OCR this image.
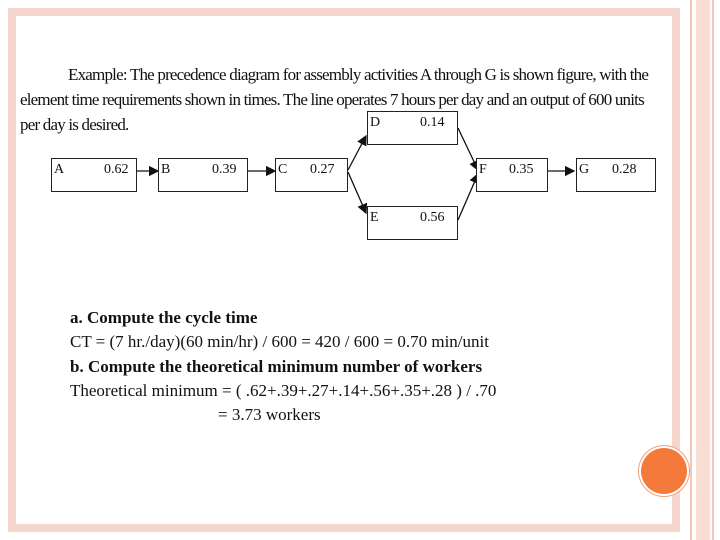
Example: The precedence diagram for assembly activities A through G is shown figure, with the
element time requirements shown in times. The line operates 7 hours per day and an output of 600 units
per day is desired.
A	0.62 B	0.39	C 0.27
D	0.14
E	0.56
F 0.35	G 0.28
a. Compute the cycle time
CT = (7 hr./day)(60 min/hr) / 600 = 420 / 600 = 0.70 min/unit
b. Compute the theoretical minimum number of workers
Theoretical minimum = ( .62+.39+.27+.14+.56+.35+.28 ) / .70
= 3.73 workers
